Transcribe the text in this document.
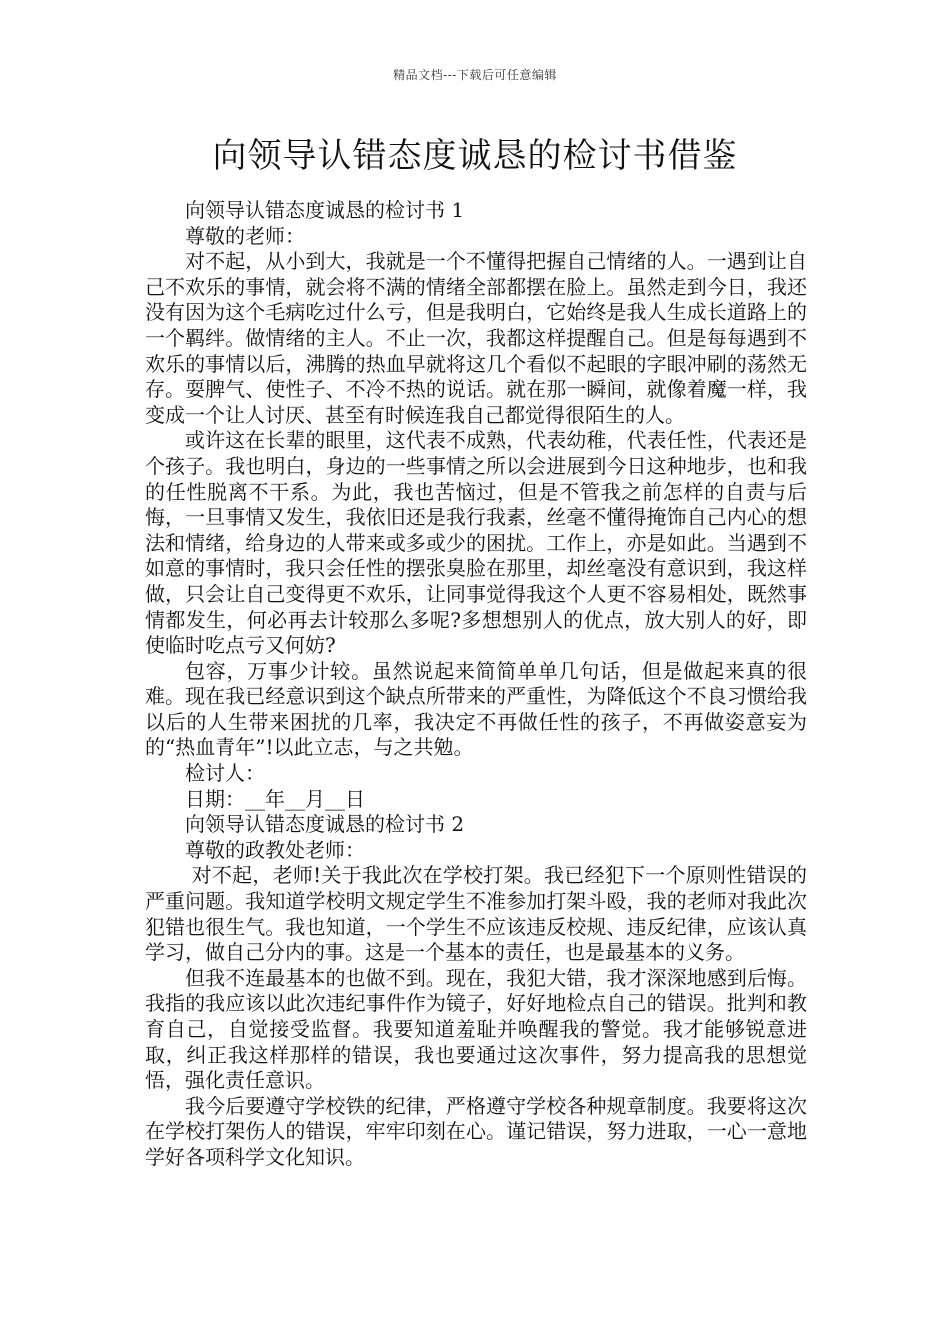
精品文档---下载后可任意编辑
向领导认错态度诚恳的检讨书借鉴

向领导认错态度诚恳的检讨书 1

尊敬的老师：

对不起，从小到大，我就是一个不懂得把握自己情绪的人。一遇到让自己不欢乐的事情，就会将不满的情绪全部都摆在脸上。虽然走到今日，我还没有因为这个毛病吃过什么亏，但是我明白，它始终是我人生成长道路上的一个羁绊。做情绪的主人。不止一次，我都这样提醒自己。但是每每遇到不欢乐的事情以后，沸腾的热血早就将这几个看似不起眼的字眼冲刷的荡然无存。耍脾气、使性子、不冷不热的说话。就在那一瞬间，就像着魔一样，我变成一个让人讨厌、甚至有时候连我自己都觉得很陌生的人。

或许这在长辈的眼里，这代表不成熟，代表幼稚，代表任性，代表还是个孩子。我也明白，身边的一些事情之所以会进展到今日这种地步，也和我的任性脱离不干系。为此，我也苦恼过，但是不管我之前怎样的自责与后悔，一旦事情又发生，我依旧还是我行我素，丝毫不懂得掩饰自己内心的想法和情绪，给身边的人带来或多或少的困扰。工作上，亦是如此。当遇到不如意的事情时，我只会任性的摆张臭脸在那里，却丝毫没有意识到，我这样做，只会让自己变得更不欢乐，让同事觉得我这个人更不容易相处，既然事情都发生，何必再去计较那么多呢?多想想别人的优点，放大别人的好，即使临时吃点亏又何妨?

包容，万事少计较。虽然说起来简简单单几句话，但是做起来真的很难。现在我已经意识到这个缺点所带来的严重性，为降低这个不良习惯给我以后的人生带来困扰的几率，我决定不再做任性的孩子，不再做姿意妄为的“热血青年”!以此立志，与之共勉。

检讨人：

日期：__年__月__日

向领导认错态度诚恳的检讨书 2

尊敬的政教处老师：

对不起，老师!关于我此次在学校打架。我已经犯下一个原则性错误的严重问题。我知道学校明文规定学生不准参加打架斗殴，我的老师对我此次犯错也很生气。我也知道，一个学生不应该违反校规、违反纪律，应该认真学习，做自己分内的事。这是一个基本的责任，也是最基本的义务。

但我不连最基本的也做不到。现在，我犯大错，我才深深地感到后悔。我指的我应该以此次违纪事件作为镜子，好好地检点自己的错误。批判和教育自己，自觉接受监督。我要知道羞耻并唤醒我的警觉。我才能够锐意进取，纠正我这样那样的错误，我也要通过这次事件，努力提高我的思想觉悟，强化责任意识。

我今后要遵守学校铁的纪律，严格遵守学校各种规章制度。我要将这次在学校打架伤人的错误，牢牢印刻在心。谨记错误，努力进取，一心一意地学好各项科学文化知识。
